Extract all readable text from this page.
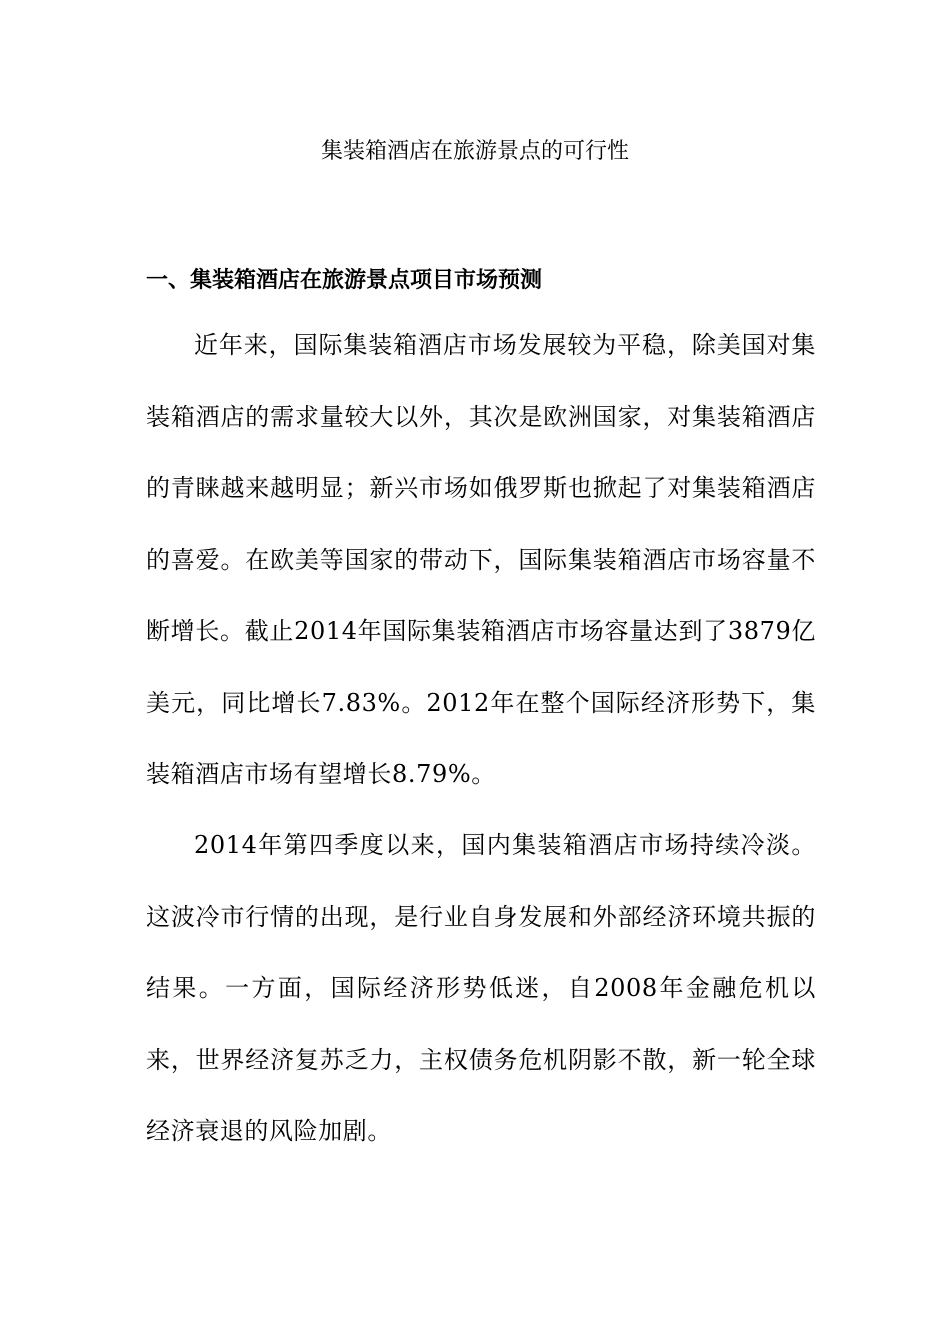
集装箱酒店在旅游景点的可行性
一、集装箱酒店在旅游景点项目市场预测

近年来，国际集装箱酒店市场发展较为平稳，除美国对集装箱酒店的需求量较大以外，其次是欧洲国家，对集装箱酒店的青睐越来越明显；新兴市场如俄罗斯也掀起了对集装箱酒店的喜爱。在欧美等国家的带动下，国际集装箱酒店市场容量不断增长。截止2014年国际集装箱酒店市场容量达到了3879亿美元，同比增长7.83%。2012年在整个国际经济形势下，集装箱酒店市场有望增长8.79%。

2014年第四季度以来，国内集装箱酒店市场持续冷淡。这波冷市行情的出现，是行业自身发展和外部经济环境共振的结果。一方面，国际经济形势低迷，自2008年金融危机以来，世界经济复苏乏力，主权债务危机阴影不散，新一轮全球经济衰退的风险加剧。
